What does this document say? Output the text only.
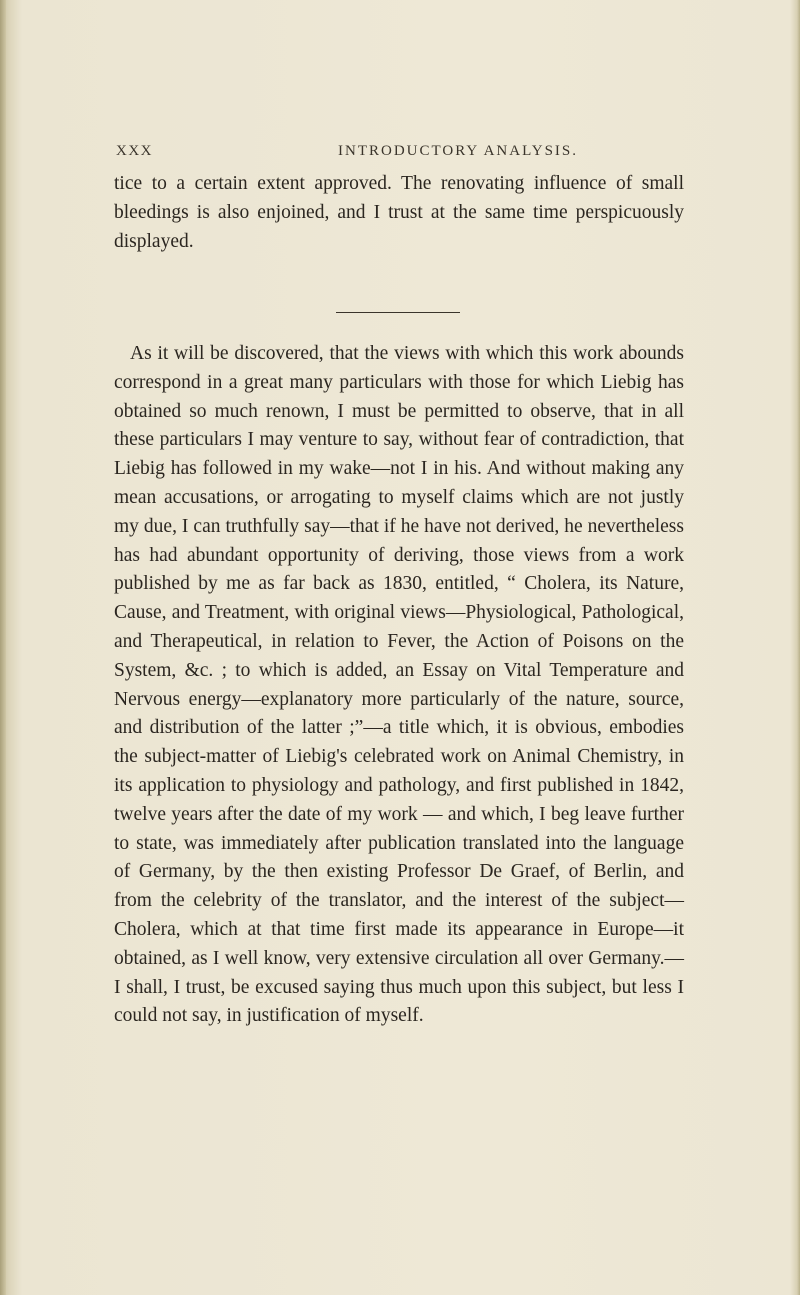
XXX	INTRODUCTORY ANALYSIS.
tice to a certain extent approved. The renovating influence of small bleedings is also enjoined, and I trust at the same time perspicuously displayed.
As it will be discovered, that the views with which this work abounds correspond in a great many particulars with those for which Liebig has obtained so much renown, I must be permitted to observe, that in all these particulars I may venture to say, without fear of contradiction, that Liebig has followed in my wake—not I in his. And without making any mean accusations, or arrogating to myself claims which are not justly my due, I can truthfully say—that if he have not derived, he nevertheless has had abundant opportunity of deriving, those views from a work published by me as far back as 1830, entitled, “ Cholera, its Nature, Cause, and Treatment, with original views—Physiological, Pathological, and Therapeutical, in relation to Fever, the Action of Poisons on the System, &c. ; to which is added, an Essay on Vital Temperature and Nervous energy—explanatory more particularly of the nature, source, and distribution of the latter ;”—a title which, it is obvious, embodies the subject-matter of Liebig's celebrated work on Animal Chemistry, in its application to physiology and pathology, and first published in 1842, twelve years after the date of my work — and which, I beg leave further to state, was immediately after publication translated into the language of Germany, by the then existing Professor De Graef, of Berlin, and from the celebrity of the translator, and the interest of the subject—Cholera, which at that time first made its appearance in Europe—it obtained, as I well know, very extensive circulation all over Germany.—I shall, I trust, be excused saying thus much upon this subject, but less I could not say, in justification of myself.
